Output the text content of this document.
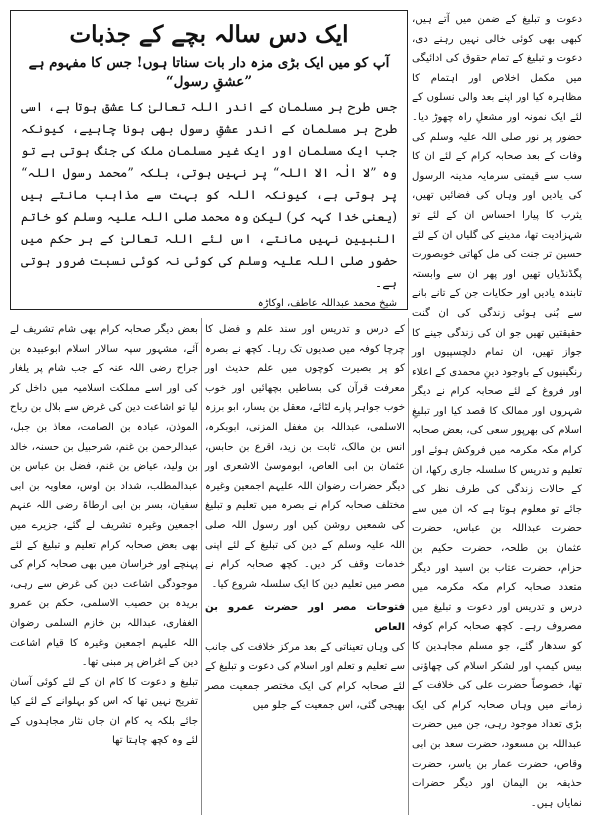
ایک دس سالہ بچے کے جذبات

آپ کو میں ایک بڑی مزہ دار بات سناتا ہوں! جس کا مفہوم ہے ”عشقِ رسول“

جس طرح ہر مسلمان کے اندر اللہ تعالیٰ کا عشق ہوتا ہے، اسی طرح ہر مسلمان کے اندر عشقِ رسول بھی ہونا چاہیے، کیونکہ جب ایک مسلمان اور ایک غیر مسلمان ملک کی جنگ ہوتی ہے تو وہ ”لا الٰہ الا اللہ“ پر نہیں ہوتی، بلکہ ”محمد رسول اللہ“ پر ہوتی ہے، کیونکہ اللہ کو بہت سے مذاہب مانتے ہیں (یعنی خدا کہہ کر) لیکن وہ محمد صلی اللہ علیہ وسلم کو خاتم النبیین نہیں مانتے، اس لئے اللہ تعالیٰ کے ہر حکم میں حضور صلی اللہ علیہ وسلم کی کوئی نہ کوئی نسبت ضرور ہوتی ہے۔

شیخ محمد عبداللہ عاطف، اوکاڑہ

دعوت و تبلیغ کے ضمن میں آتے ہیں، کبھی بھی کوئی خالی نہیں رہنے دی، دعوت و تبلیغ کے تمام حقوق کی ادائیگی میں مکمل اخلاص اور اہتمام کا مظاہرہ کیا اور اپنے بعد والی نسلوں کے لئے ایک نمونہ اور مشعلِ راہ چھوڑ دیا۔ حضور پر نور صلی اللہ علیہ وسلم کی وفات کے بعد صحابہ کرام کے لئے ان کا سب سے قیمتی سرمایہ مدینہ الرسول کی یادیں اور وہاں کی فضائیں تھیں، یثرب کا پیارا احساس ان کے لئے تو شہزادیت تھا، مدینے کی گلیاں ان کے لئے حسین تر جنت کی مل کھاتی خوبصورت پگڈنڈیاں تھیں اور پھر ان سے وابستہ تابندہ یادیں اور حکایات جن کے تانے بانے سے بُنی ہوئی زندگی کی ان گنت حقیقتیں تھیں جو ان کی زندگی جینے کا جواز تھیں، ان تمام دلچسپیوں اور رنگینیوں کے باوجود دینِ محمدی کے اعلاء اور فروغ کے لئے صحابہ کرام نے دیگر شہروں اور ممالک کا قصد کیا اور تبلیغِ اسلام کی بھرپور سعی کی، بعض صحابہ کرام مکہ مکرمہ میں فروکش ہوئے اور تعلیم و تدریس کا سلسلہ جاری رکھا، ان کے حالات زندگی کی طرف نظر کی جائے تو معلوم ہوتا ہے کہ ان میں سے حضرت عبداللہ بن عباس، حضرت عثمان بن طلحہ، حضرت حکیم بن حزام، حضرت عتاب بن اسید اور دیگر متعدد صحابہ کرام مکہ مکرمہ میں درس و تدریس اور دعوت و تبلیغ میں مصروف رہے۔ کچھ صحابہ کرام کوفہ کو سدھار گئے، جو مسلم مجاہدین کا بیس کیمپ اور لشکر اسلام کی چھاؤنی تھا، خصوصاً حضرت علی کی خلافت کے زمانے میں وہاں صحابہ کرام کی ایک بڑی تعداد موجود رہی، جن میں حضرت عبداللہ بن مسعود، حضرت سعد بن ابی وقاص، حضرت عمار بن یاسر، حضرت حذیفہ بن الیمان اور دیگر حضرات نمایاں ہیں۔

کے درس و تدریس اور سند علم و فضل کا چرچا کوفہ میں صدیوں تک رہا۔ کچھ نے بصرہ کو پر بصیرت کوچوں میں علم حدیث اور معرفت قرآن کی بساطیں بچھائیں اور خوب خوب جواہر پارے لٹائے، معقل بن یسار، ابو برزہ الاسلمی، عبداللہ بن مغفل المزنی، ابوبکرہ، انس بن مالک، ثابت بن زید، اقرع بن حابس، عثمان بن ابی العاص، ابوموسیٰ الاشعری اور دیگر حضرات رضوان اللہ علیہم اجمعین وغیرہ مختلف صحابہ کرام نے بصرہ میں تعلیم و تبلیغ کی شمعیں روشن کیں اور رسول اللہ صلی اللہ علیہ وسلم کے دین کی تبلیغ کے لئے اپنی خدمات وقف کر دیں۔ کچھ صحابہ کرام نے مصر میں تعلیم دین کا ایک سلسلہ شروع کیا۔

فتوحات مصر اور حضرت عمرو بن العاص

کی وہاں تعیناتی کے بعد مرکز خلافت کی جانب سے تعلیم و تعلم اور اسلام کی دعوت و تبلیغ کے لئے صحابہ کرام کی ایک مختصر جمعیت مصر بھیجی گئی، اس جمعیت کے جلو میں

بعض دیگر صحابہ کرام بھی شام تشریف لے آئے، مشہور سپہ سالار اسلام ابوعبیدہ بن جراح رضی اللہ عنہ کے جب شام پر یلغار کی اور اسے مملکت اسلامیہ میں داخل کر لیا تو اشاعت دین کی غرض سے بلال بن رباح الموذن، عبادہ بن الصامت، معاذ بن جبل، عبدالرحمن بن غنم، شرحبیل بن حسنہ، خالد بن ولید، عیاض بن غنم، فضل بن عباس بن عبدالمطلب، شداد بن اوس، معاویہ بن ابی سفیان، بسر بن ابی ارطاۃ رضی اللہ عنہم اجمعین وغیرہ تشریف لے گئے، جزیرے میں بھی بعض صحابہ کرام تعلیم و تبلیغ کے لئے پہنچے اور خراسان میں بھی صحابہ کرام کی موجودگی اشاعت دین کی غرض سے رہی، بریدہ بن حصیب الاسلمی، حکم بن عمرو الغفاری، عبداللہ بن خازم السلمی رضوان اللہ علیہم اجمعین وغیرہ کا قیام اشاعت دین کے اغراض پر مبنی تھا۔

تبلیغ و دعوت کا کام ان کے لئے کوئی آسان تفریح نہیں تھا کہ اس کو بہلوانے کے لئے کیا جائے بلکہ یہ کام ان جاں نثار مجاہدوں کے لئے وہ کچھ چاہتا تھا
